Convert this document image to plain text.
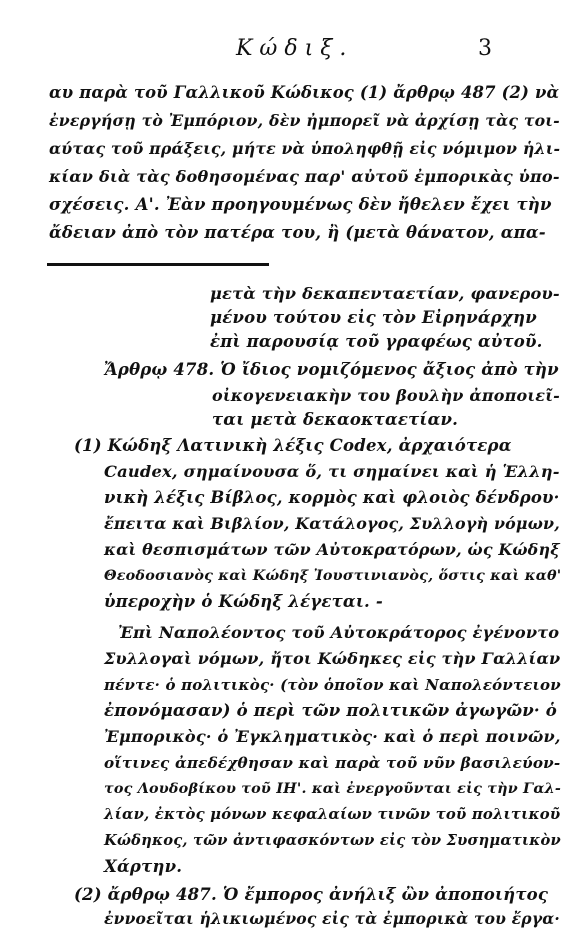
Κώδιξ.	3
αυ παρὰ τοῦ Γαλλικοῦ Κώδικος (1) ἄρθρῳ 487 (2) νὰ
ἐνεργήσῃ τὸ Ἐμπόριον, δὲν ἠμπορεῖ νὰ ἀρχίσῃ τὰς τοι-
αύτας τοῦ πράξεις, μήτε νὰ ὑποληφθῇ εἰς νόμιμον ἡλι-
κίαν διὰ τὰς δοθησομένας παρ' αὐτοῦ ἐμπορικὰς ὑπο-
σχέσεις. Α'. Ἐὰν προηγουμένως δὲν ἤθελεν ἔχει τὴν
ἄδειαν ἀπὸ τὸν πατέρα του, ἢ (μετὰ θάνατον, απα-
μετὰ τὴν δεκαπενταετίαν, φανερου-
μένου τούτου εἰς τὸν Εἰρηνάρχην
ἐπὶ παρουσίᾳ τοῦ γραφέως αὐτοῦ.
Ἄρθρῳ 478. Ὁ ἴδιος νομιζόμενος ἄξιος ἀπὸ τὴν
οἰκογενειακὴν του βουλὴν ἀποποιεῖ-
ται μετὰ δεκαοκταετίαν.
(1) Κώδηξ Λατινικὴ λέξις Codex, ἀρχαιότερα
Caudex, σημαίνουσα ὅ, τι σημαίνει καὶ ἡ Ἑλλη-
νικὴ λέξις Βίβλος, κορμὸς καὶ φλοιὸς δένδρου·
ἔπειτα καὶ Βιβλίον, Κατάλογος, Συλλογὴ νόμων,
καὶ θεσπισμάτων τῶν Αὐτοκρατόρων, ὡς Κώδηξ
Θεοδοσιανὸς καὶ Κώδηξ Ἰουστινιανὸς, ὅστις καὶ καθ'
ὑπεροχὴν ὁ Κώδηξ λέγεται. -
Ἐπὶ Ναπολέοντος τοῦ Αὐτοκράτορος ἐγένοντο
Συλλογαὶ νόμων, ἤτοι Κώδηκες εἰς τὴν Γαλλίαν
πέντε· ὁ πολιτικὸς· (τὸν ὁποῖον καὶ Ναπολεόντειον
ἐπονόμασαν) ὁ περὶ τῶν πολιτικῶν ἀγωγῶν· ὁ
Ἐμπορικὸς· ὁ Ἐγκληματικὸς· καὶ ὁ περὶ ποινῶν,
οἵτινες ἀπεδέχθησαν καὶ παρὰ τοῦ νῦν βασιλεύον-
τος Λουδοβίκου τοῦ ΙΗ'. καὶ ἐνεργοῦνται εἰς τὴν Γαλ-
λίαν, ἐκτὸς μόνων κεφαλαίων τινῶν τοῦ πολιτικοῦ
Κώδηκος, τῶν ἀντιφασκόντων εἰς τὸν Συσηματικὸν
Χάρτην.
(2) ἄρθρῳ 487. Ὁ ἔμπορος ἀνήλιξ ὢν ἀποποιήτος
ἐννοεῖται ἡλικιωμένος εἰς τὰ ἐμπορικὰ του ἔργα·
